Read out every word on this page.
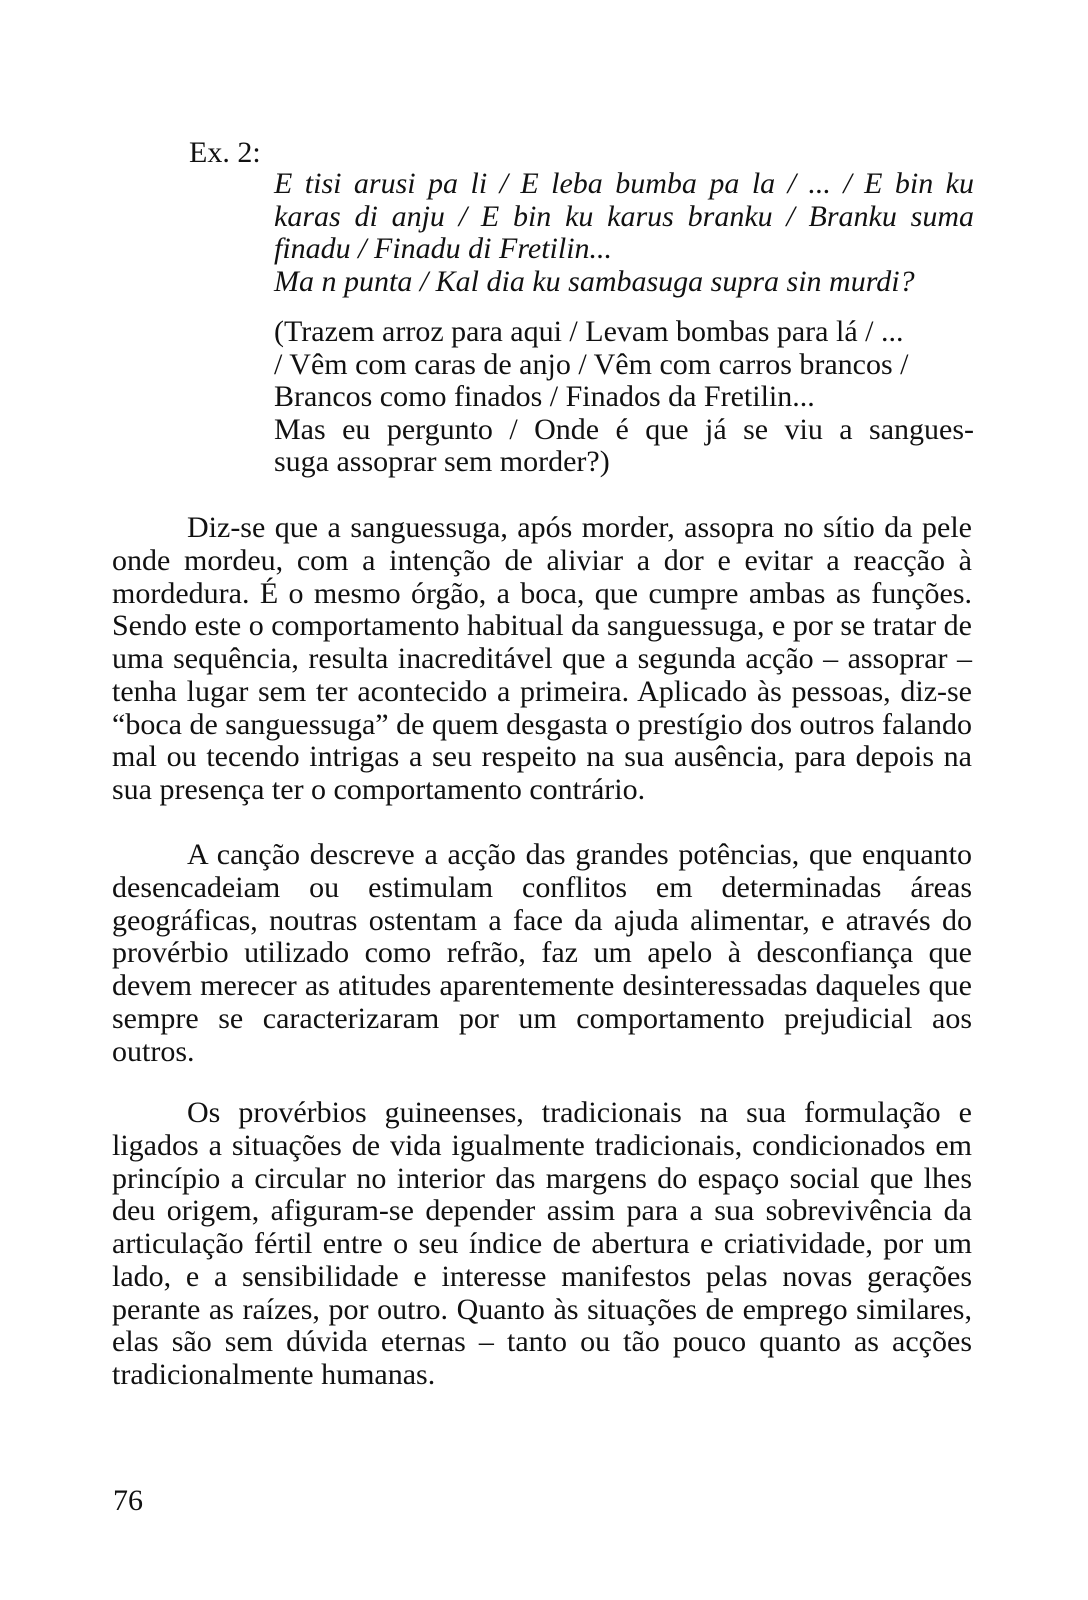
Ex. 2:

E tisi arusi pa li / E leba bumba pa la / ... / E bin ku
karas di anju / E bin ku karus branku / Branku suma
finadu / Finadu di Fretilin...
Ma n punta / Kal dia ku sambasuga supra sin murdi?
(Trazem arroz para aqui / Levam bombas para lá / ...
/ Vêm com caras de anjo / Vêm com carros brancos /
Brancos como finados / Finados da Fretilin...
Mas eu pergunto / Onde é que já se viu a sangues-
suga assoprar sem morder?)

Diz-se que a sanguessuga, após morder, assopra no sítio da pele onde mordeu, com a intenção de aliviar a dor e evitar a reacção à mordedura. É o mesmo órgão, a boca, que cumpre ambas as funções. Sendo este o comportamento habitual da sanguessuga, e por se tratar de uma sequência, resulta inacreditável que a segunda acção – assoprar – tenha lugar sem ter acontecido a primeira. Aplicado às pessoas, diz-se “boca de sanguessuga” de quem desgasta o prestígio dos outros falando mal ou tecendo intrigas a seu respeito na sua ausência, para depois na sua presença ter o comportamento contrário.

A canção descreve a acção das grandes potências, que enquanto desencadeiam ou estimulam conflitos em determinadas áreas geográficas, noutras ostentam a face da ajuda alimentar, e através do provérbio utilizado como refrão, faz um apelo à desconfiança que devem merecer as atitudes aparentemente desinteressadas daqueles que sempre se caracterizaram por um comportamento prejudicial aos outros.

Os provérbios guineenses, tradicionais na sua formulação e ligados a situações de vida igualmente tradicionais, condicionados em princípio a circular no interior das margens do espaço social que lhes deu origem, afiguram-se depender assim para a sua sobrevivência da articulação fértil entre o seu índice de abertura e criatividade, por um lado, e a sensibilidade e interesse manifestos pelas novas gerações perante as raízes, por outro. Quanto às situações de emprego similares, elas são sem dúvida eternas – tanto ou tão pouco quanto as acções tradicionalmente humanas.

76
